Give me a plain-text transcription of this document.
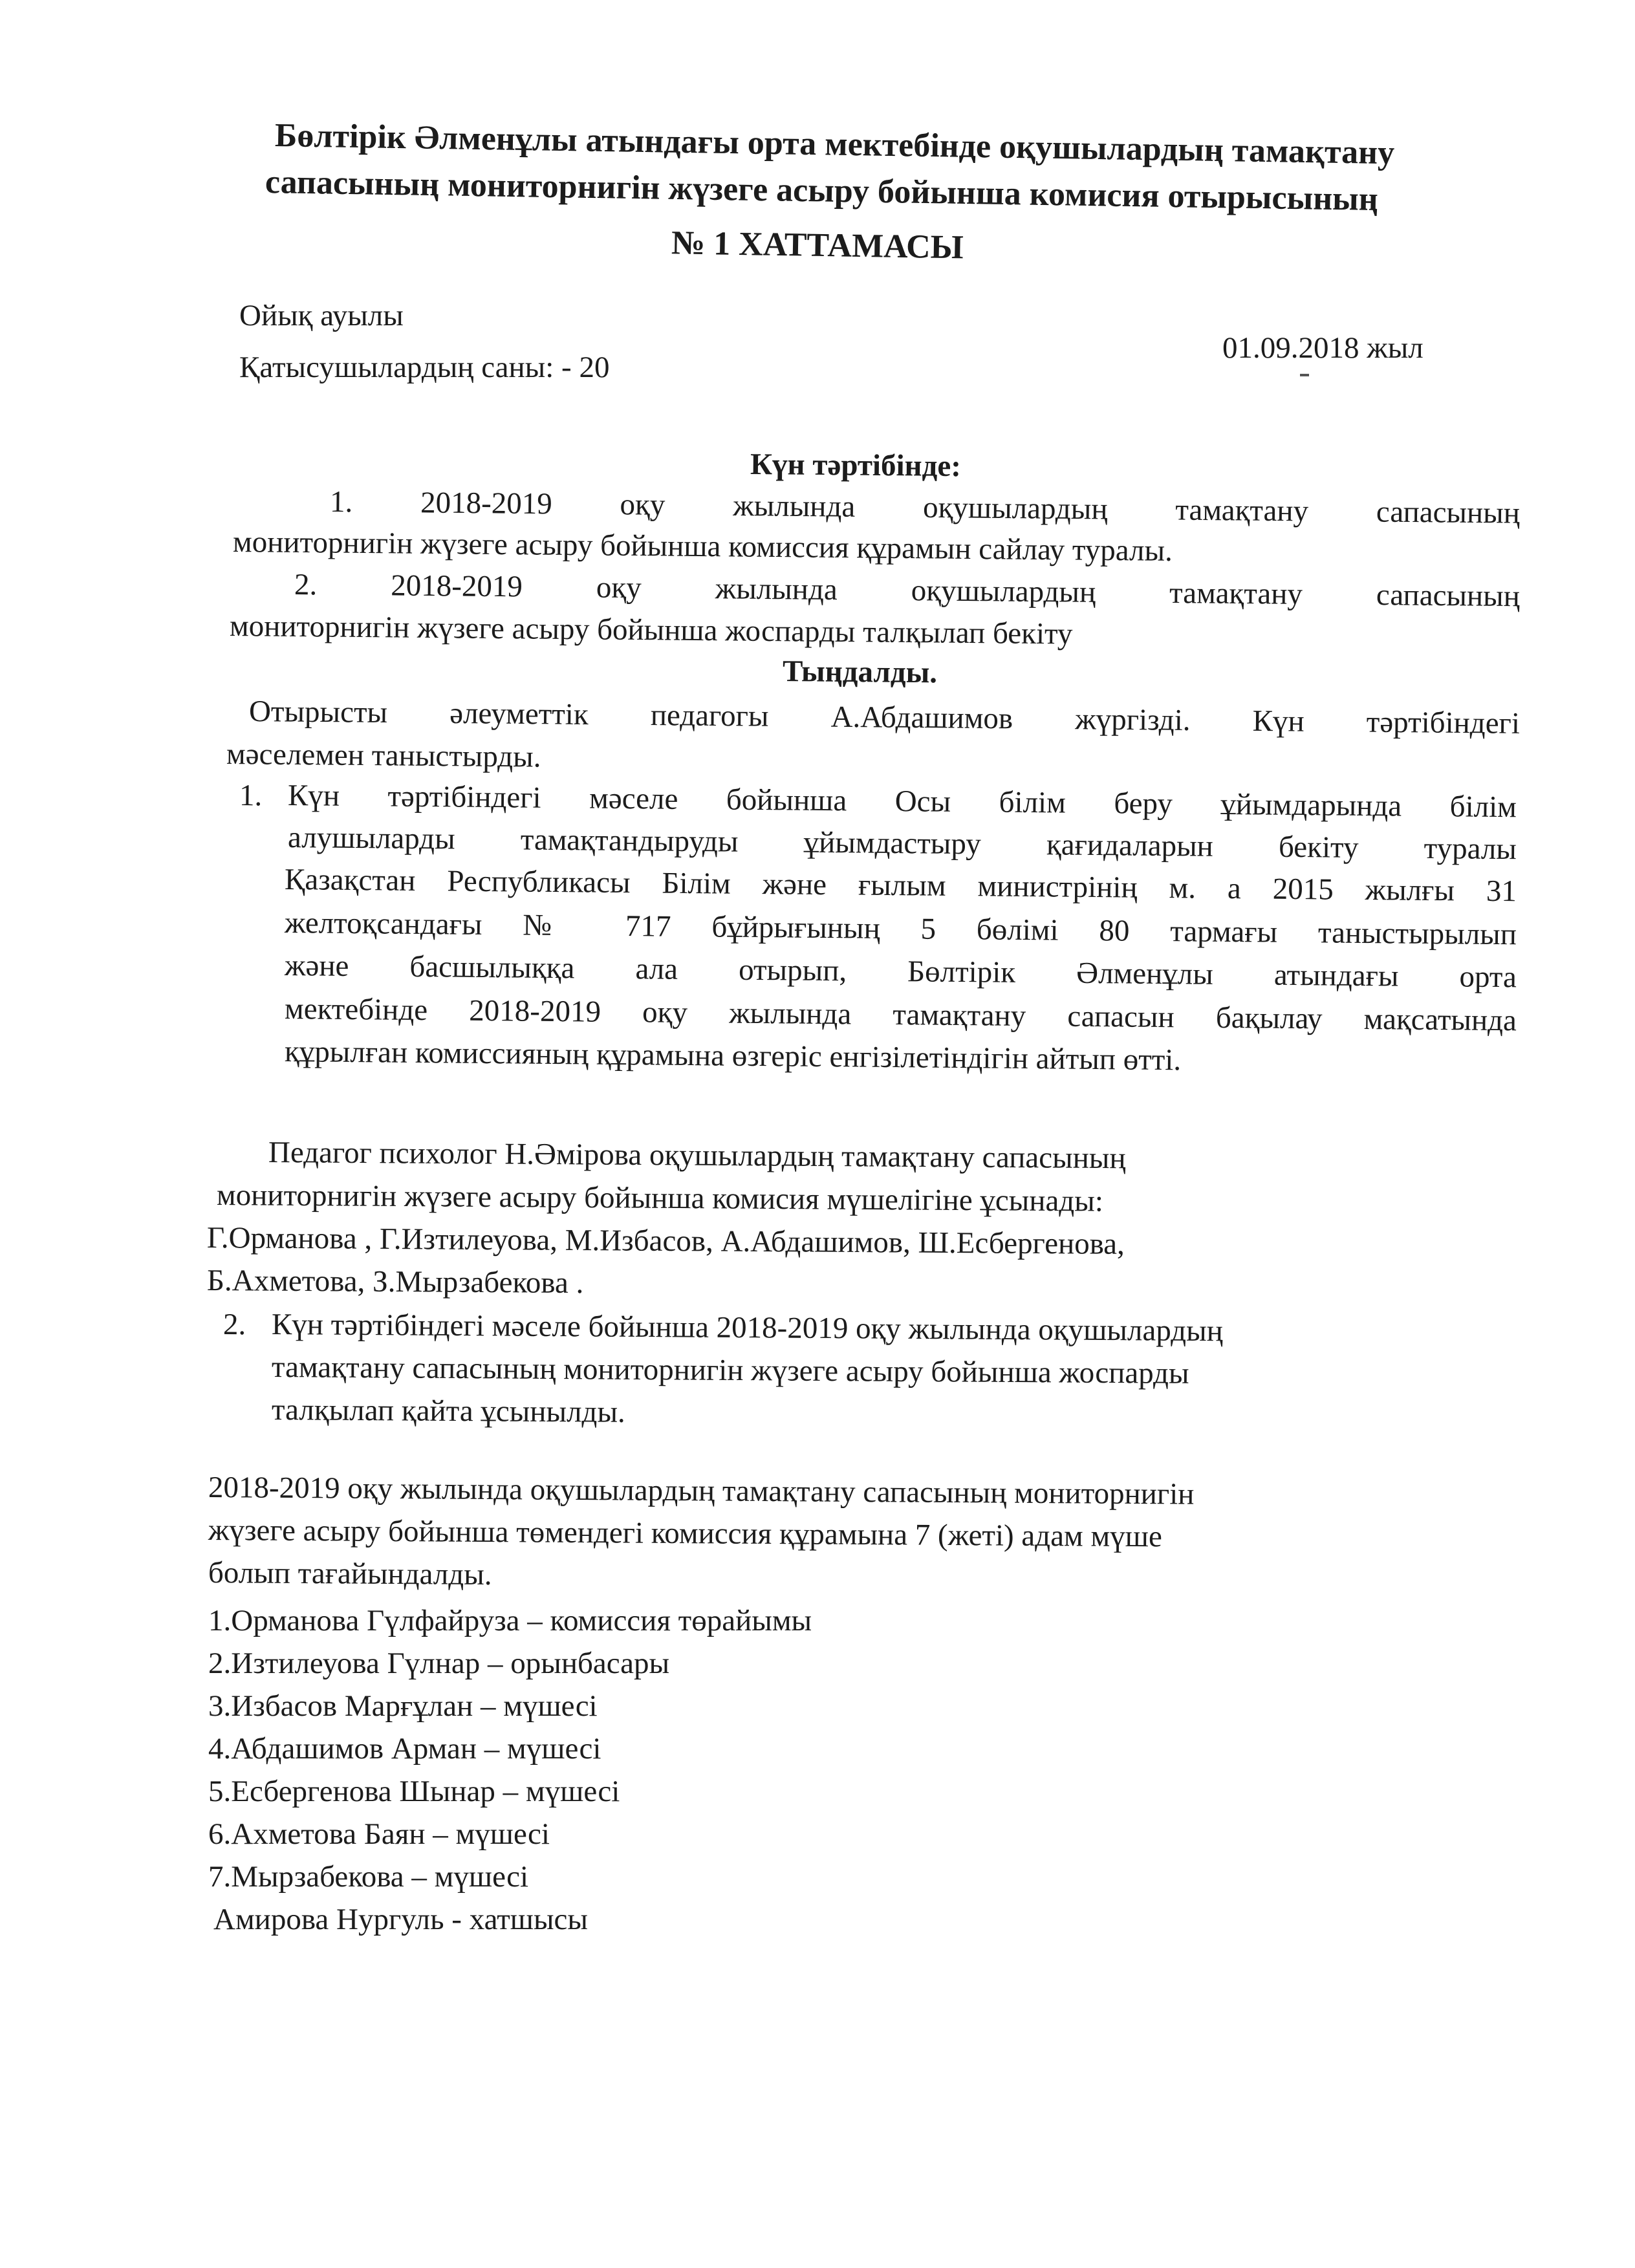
Бөлтірік Әлменұлы атындағы орта мектебінде оқушылардың тамақтану
сапасының мониторнигін жүзеге асыру бойынша комисия отырысының
№ 1 ХАТТАМАСЫ
Ойық ауылы
Қатысушылардың саны: - 20
01.09.2018 жыл
Күн тәртібінде:
1. 2018-2019 оқу жылында оқушылардың тамақтану сапасының
мониторнигін жүзеге асыру бойынша комиссия құрамын сайлау туралы.
2. 2018-2019 оқу жылында оқушылардың тамақтану сапасының
мониторнигін жүзеге асыру бойынша жоспарды талқылап бекіту
Тыңдалды.
Отырысты әлеуметтік педагогы А.Абдашимов жүргізді. Күн тәртібіндегі
мәселемен таныстырды.
1. Күн тәртібіндегі мәселе бойынша Осы білім беру ұйымдарында білім
алушыларды тамақтандыруды ұйымдастыру қағидаларын бекіту туралы
Қазақстан Республикасы Білім және ғылым министрінің м. а 2015 жылғы 31
желтоқсандағы № 717 бұйрығының 5 бөлімі 80 тармағы таныстырылып
және басшылыққа ала отырып, Бөлтірік Әлменұлы атындағы орта
мектебінде 2018-2019 оқу жылында тамақтану сапасын бақылау мақсатында
құрылған комиссияның құрамына өзгеріс енгізілетіндігін айтып өтті.
Педагог психолог Н.Әмірова оқушылардың тамақтану сапасының
мониторнигін жүзеге асыру бойынша комисия мүшелігіне ұсынады:
Г.Орманова , Г.Изтилеуова, М.Избасов, А.Абдашимов, Ш.Есбергенова,
Б.Ахметова, З.Мырзабекова .
2. Күн тәртібіндегі мәселе бойынша 2018-2019 оқу жылында оқушылардың
тамақтану сапасының мониторнигін жүзеге асыру бойынша жоспарды
талқылап қайта ұсынылды.
2018-2019 оқу жылында оқушылардың тамақтану сапасының мониторнигін
жүзеге асыру бойынша төмендегі комиссия құрамына 7 (жеті) адам мүше
болып тағайындалды.
1.Орманова Гүлфайруза – комиссия төрайымы
2.Изтилеуова Гүлнар – орынбасары
3.Избасов Марғұлан – мүшесі
4.Абдашимов Арман – мүшесі
5.Есбергенова Шынар – мүшесі
6.Ахметова Баян – мүшесі
7.Мырзабекова – мүшесі
Амирова Нургуль - хатшысы
